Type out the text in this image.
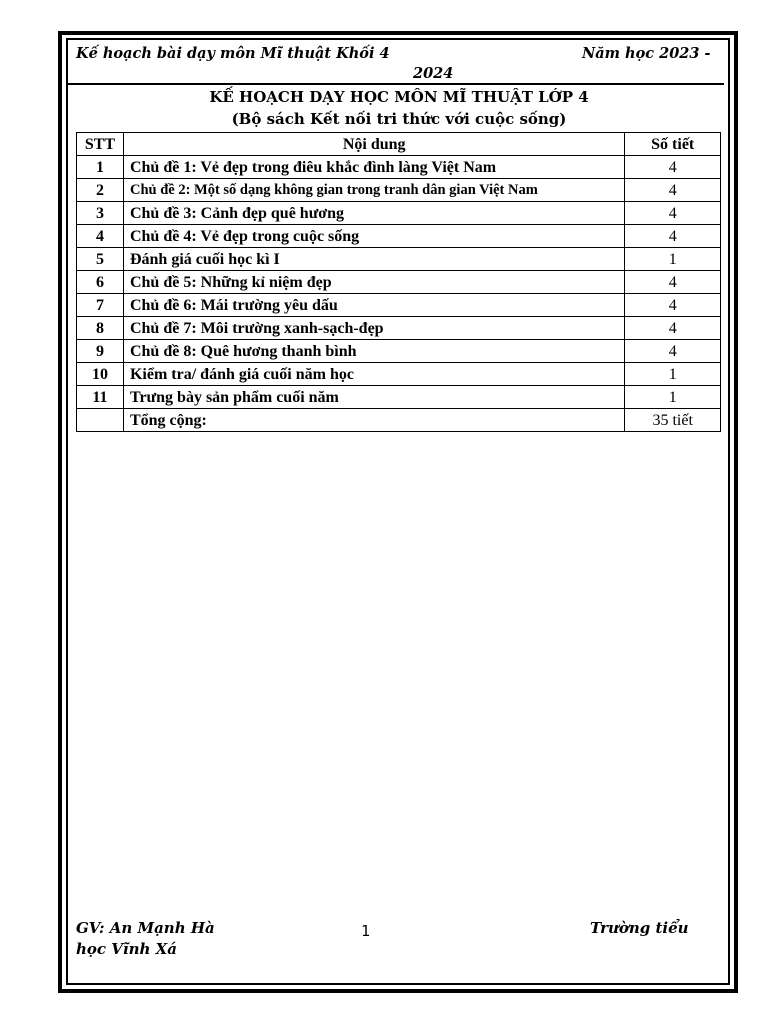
Kế hoạch bài dạy môn Mĩ thuật Khối 4	Năm học 2023 -
2024
KẾ HOẠCH DẠY HỌC MÔN MĨ THUẬT LỚP 4
(Bộ sách Kết nối tri thức với cuộc sống)
STT	Nội dung	Số tiết
1	Chủ đề 1: Vẻ đẹp trong điêu khắc đình làng Việt Nam	4
2	Chủ đề 2: Một số dạng không gian trong tranh dân gian Việt Nam	4
3	Chủ đề 3: Cảnh đẹp quê hương	4
4	Chủ đề 4: Vẻ đẹp trong cuộc sống	4
5	Đánh giá cuối học kì I	1
6	Chủ đề 5: Những kỉ niệm đẹp	4
7	Chủ đề 6: Mái trường yêu dấu	4
8	Chủ đề 7: Môi trường xanh-sạch-đẹp	4
9	Chủ đề 8: Quê hương thanh bình	4
10	Kiểm tra/ đánh giá cuối năm học	1
11	Trưng bày sản phẩm cuối năm	1
	Tổng cộng:	35 tiết
GV: An Mạnh Hà
học Vĩnh Xá
1	Trường tiểu
